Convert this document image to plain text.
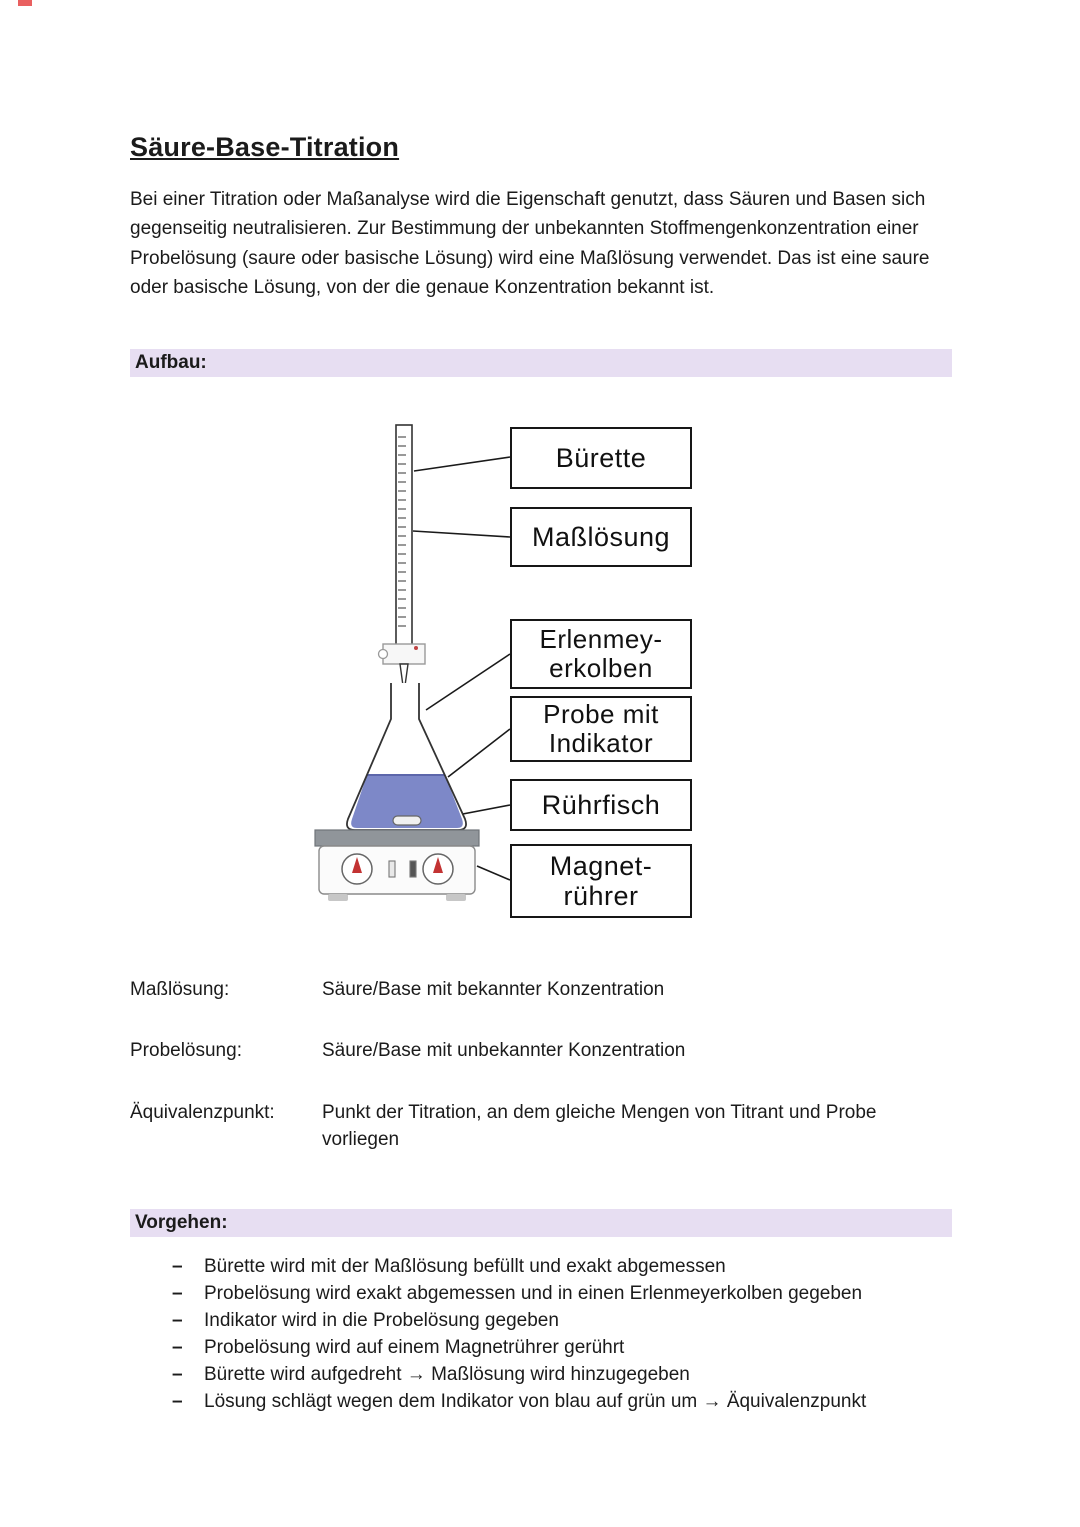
Säure-Base-Titration
Bei einer Titration oder Maßanalyse wird die Eigenschaft genutzt, dass Säuren und Basen sich gegenseitig neutralisieren. Zur Bestimmung der unbekannten Stoffmengenkonzentration einer Probelösung (saure oder basische Lösung) wird eine Maßlösung verwendet. Das ist eine saure oder basische Lösung, von der die genaue Konzentration bekannt ist.
Aufbau:
Bürette
Maßlösung
Erlenmey-
erkolben
Probe mit
Indikator
Rührfisch
Magnet-
rührer
Maßlösung:	Säure/Base mit bekannter Konzentration
Probelösung:	Säure/Base mit unbekannter Konzentration
Äquivalenzpunkt:	Punkt der Titration, an dem gleiche Mengen von Titrant und Probe vorliegen
Vorgehen:
–	Bürette wird mit der Maßlösung befüllt und exakt abgemessen
–	Probelösung wird exakt abgemessen und in einen Erlenmeyerkolben gegeben
–	Indikator wird in die Probelösung gegeben
–	Probelösung wird auf einem Magnetrührer gerührt
–	Bürette wird aufgedreht → Maßlösung wird hinzugegeben
–	Lösung schlägt wegen dem Indikator von blau auf grün um → Äquivalenzpunkt
